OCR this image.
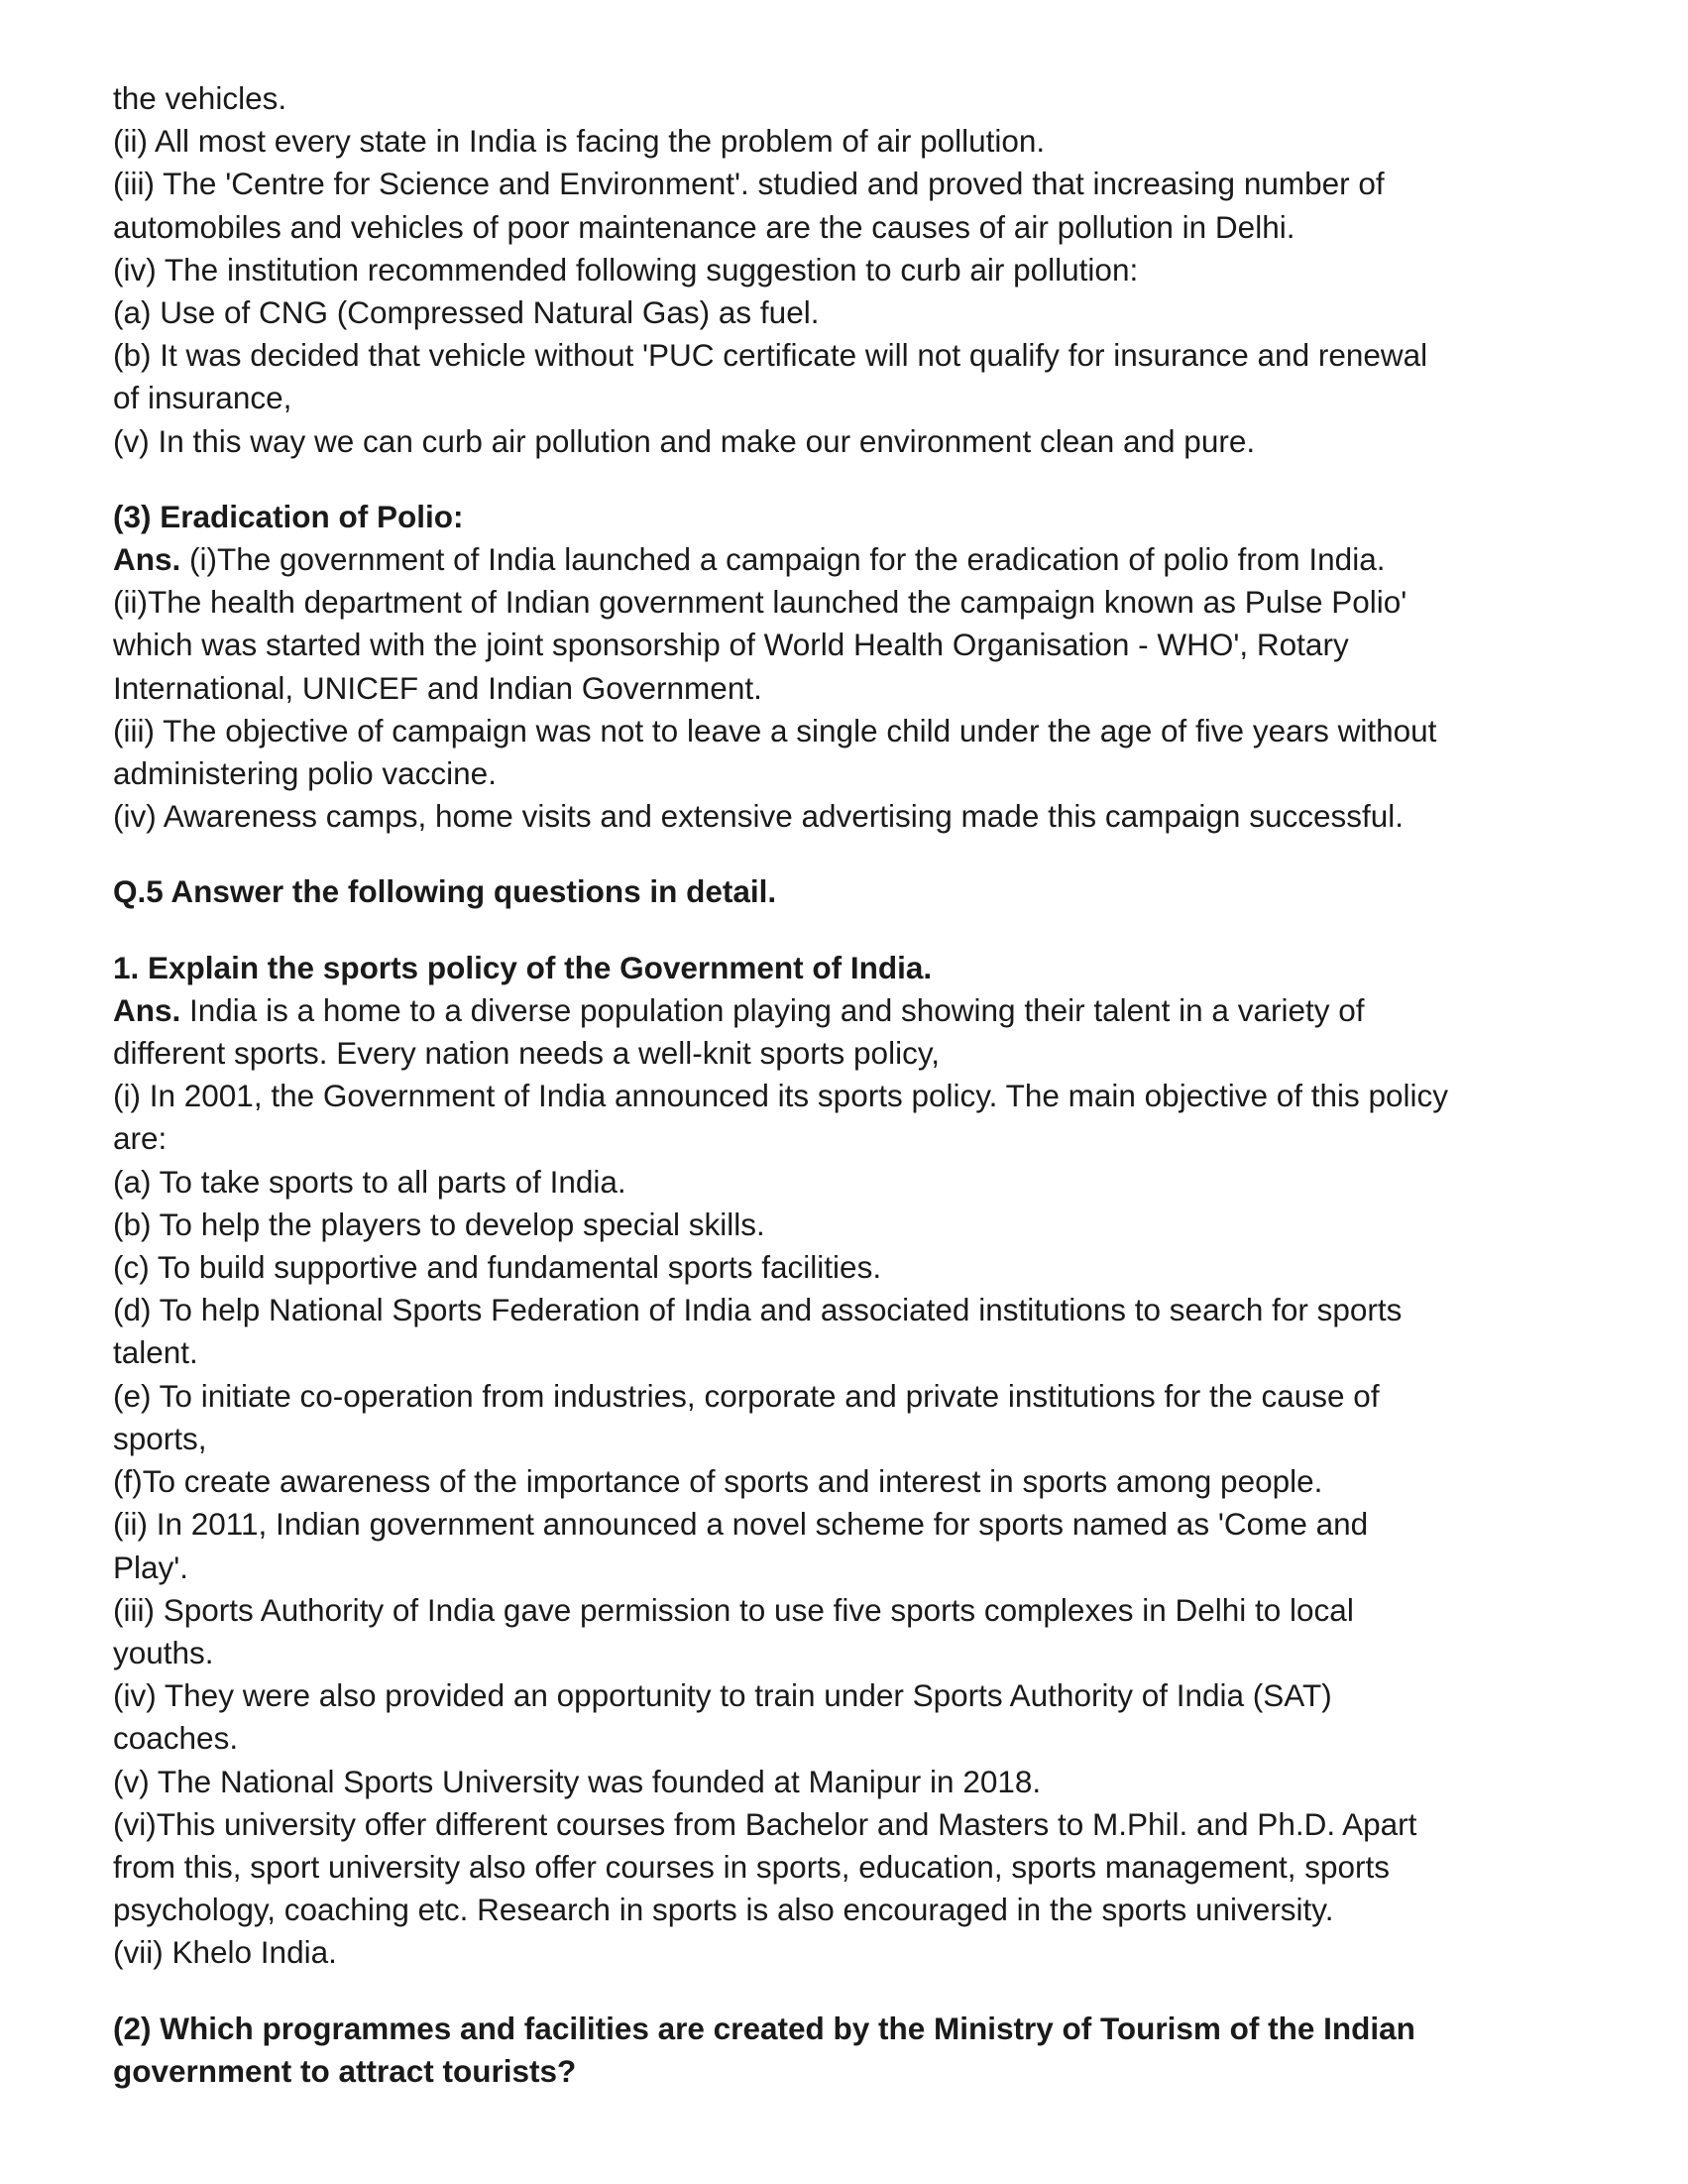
the vehicles.
(ii) All most every state in India is facing the problem of air pollution.
(iii) The 'Centre for Science and Environment'. studied and proved that increasing number of
automobiles and vehicles of poor maintenance are the causes of air pollution in Delhi.
(iv) The institution recommended following suggestion to curb air pollution:
(a) Use of CNG (Compressed Natural Gas) as fuel.
(b) It was decided that vehicle without 'PUC certificate will not qualify for insurance and renewal
of insurance,
(v) In this way we can curb air pollution and make our environment clean and pure.
(3) Eradication of Polio:
Ans. (i)The government of India launched a campaign for the eradication of polio from India.
(ii)The health department of Indian government launched the campaign known as Pulse Polio'
which was started with the joint sponsorship of World Health Organisation - WHO', Rotary
International, UNICEF and Indian Government.
(iii) The objective of campaign was not to leave a single child under the age of five years without
administering polio vaccine.
(iv) Awareness camps, home visits and extensive advertising made this campaign successful.
Q.5 Answer the following questions in detail.
1. Explain the sports policy of the Government of India.
Ans. India is a home to a diverse population playing and showing their talent in a variety of
different sports. Every nation needs a well-knit sports policy,
(i) In 2001, the Government of India announced its sports policy. The main objective of this policy
are:
(a) To take sports to all parts of India.
(b) To help the players to develop special skills.
(c) To build supportive and fundamental sports facilities.
(d) To help National Sports Federation of India and associated institutions to search for sports
talent.
(e) To initiate co-operation from industries, corporate and private institutions for the cause of
sports,
(f)To create awareness of the importance of sports and interest in sports among people.
(ii) In 2011, Indian government announced a novel scheme for sports named as 'Come and
Play'.
(iii) Sports Authority of India gave permission to use five sports complexes in Delhi to local
youths.
(iv) They were also provided an opportunity to train under Sports Authority of India (SAT)
coaches.
(v) The National Sports University was founded at Manipur in 2018.
(vi)This university offer different courses from Bachelor and Masters to M.Phil. and Ph.D. Apart
from this, sport university also offer courses in sports, education, sports management, sports
psychology, coaching etc. Research in sports is also encouraged in the sports university.
(vii) Khelo India.
(2) Which programmes and facilities are created by the Ministry of Tourism of the Indian
government to attract tourists?
